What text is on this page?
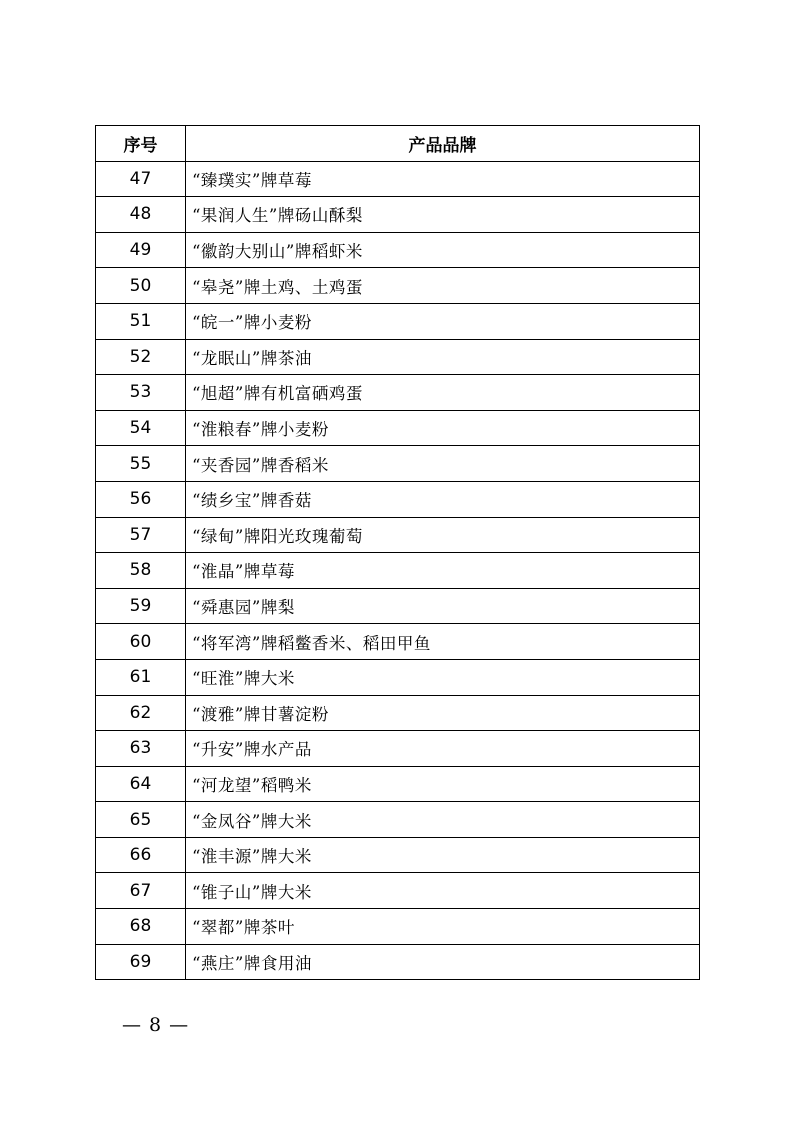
序号	产品品牌
47	“臻璞实”牌草莓
48	“果润人生”牌砀山酥梨
49	“徽韵大别山”牌稻虾米
50	“皋尧”牌土鸡、土鸡蛋
51	“皖一”牌小麦粉
52	“龙眠山”牌茶油
53	“旭超”牌有机富硒鸡蛋
54	“淮粮春”牌小麦粉
55	“夹香园”牌香稻米
56	“绩乡宝”牌香菇
57	“绿甸”牌阳光玫瑰葡萄
58	“淮晶”牌草莓
59	“舜惠园”牌梨
60	“将军湾”牌稻鳖香米、稻田甲鱼
61	“旺淮”牌大米
62	“渡雅”牌甘薯淀粉
63	“升安”牌水产品
64	“河龙望”稻鸭米
65	“金凤谷”牌大米
66	“淮丰源”牌大米
67	“锥子山”牌大米
68	“翠都”牌茶叶
69	“燕庄”牌食用油
— 8 —
